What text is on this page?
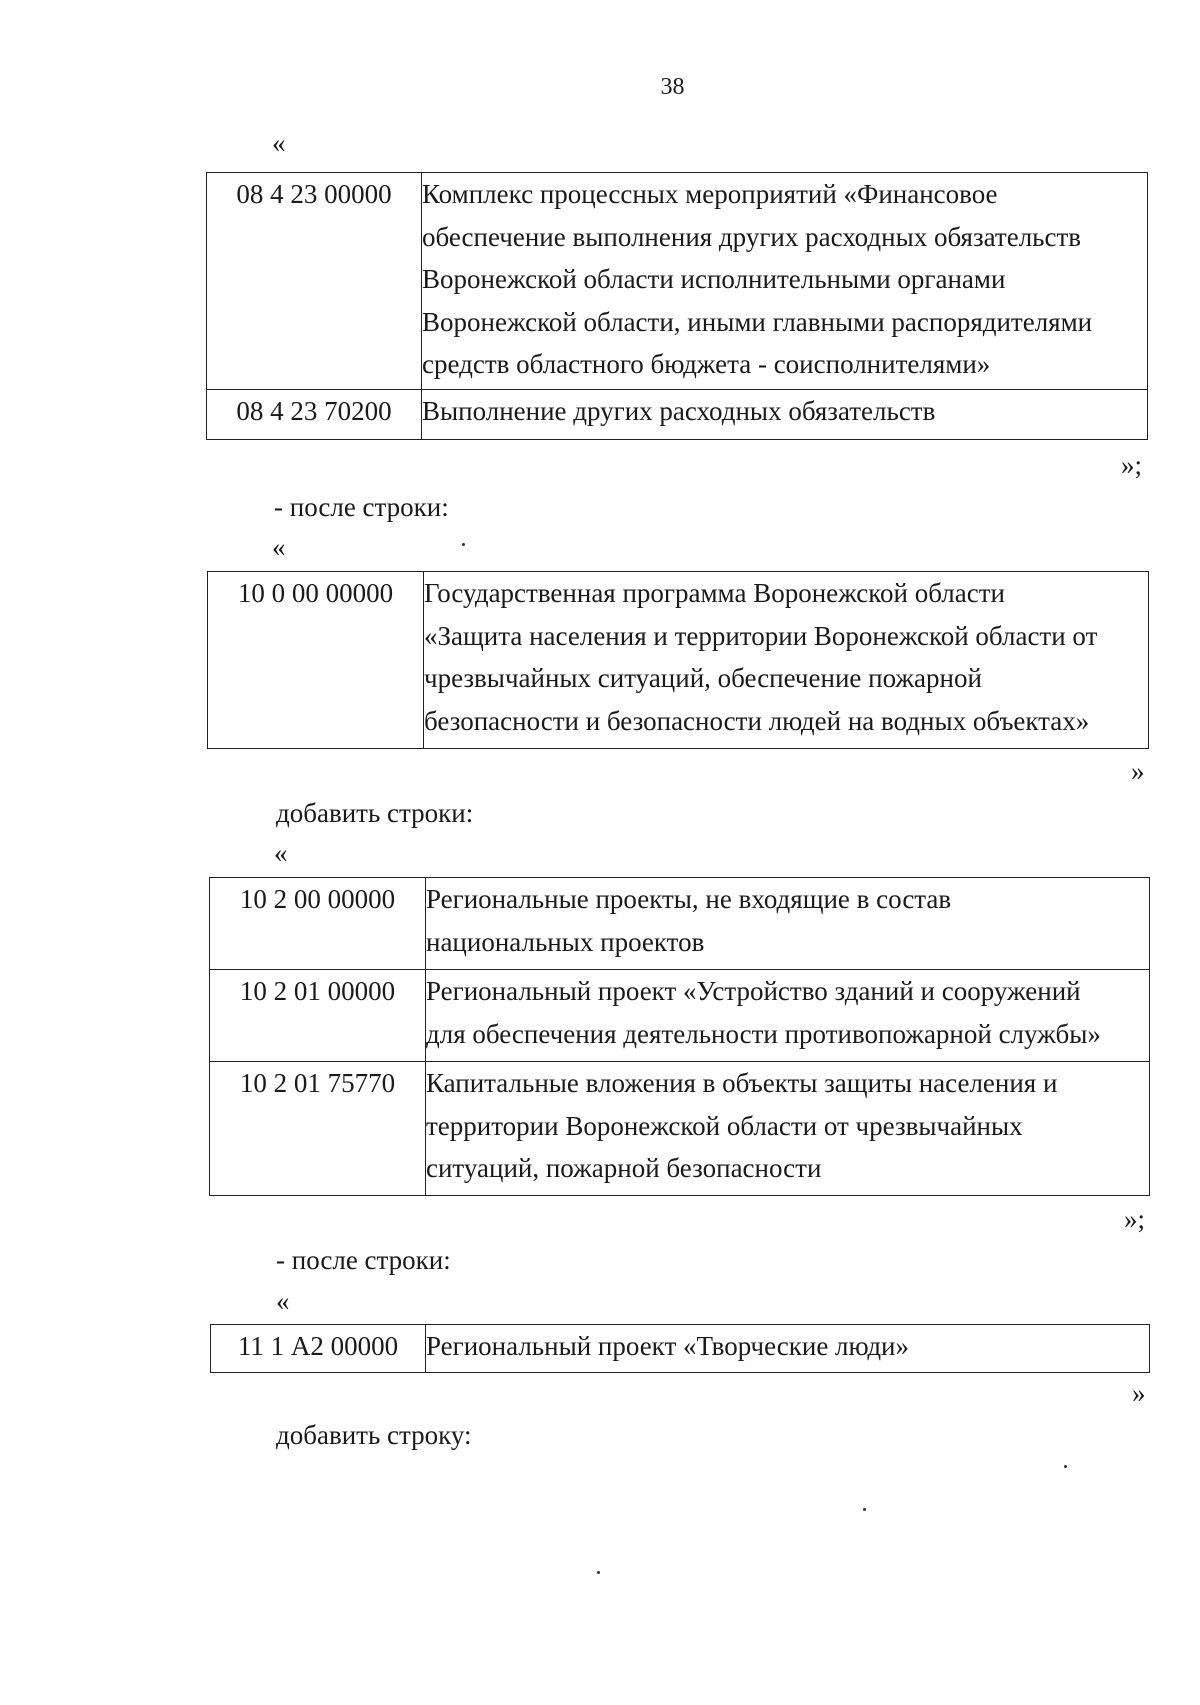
38
«
08 4 23 00000	Комплекс процессных мероприятий «Финансовое
обеспечение выполнения других расходных обязательств
Воронежской области исполнительными органами
Воронежской области, иными главными распорядителями
средств областного бюджета - соисполнителями»

08 4 23 70200	Выполнение других расходных обязательств
»;
- после строки:
«
10 0 00 00000	Государственная программа Воронежской области
«Защита населения и территории Воронежской области от
чрезвычайных ситуаций, обеспечение пожарной
безопасности и безопасности людей на водных объектах»
»
добавить строки:
«
10 2 00 00000	Региональные проекты, не входящие в состав
национальных проектов

10 2 01 00000	Региональный проект «Устройство зданий и сооружений
для обеспечения деятельности противопожарной службы»

10 2 01 75770	Капитальные вложения в объекты защиты населения и
территории Воронежской области от чрезвычайных
ситуаций, пожарной безопасности
»;
- после строки:
«
11 1 А2 00000	Региональный проект «Творческие люди»
»
добавить строку:
